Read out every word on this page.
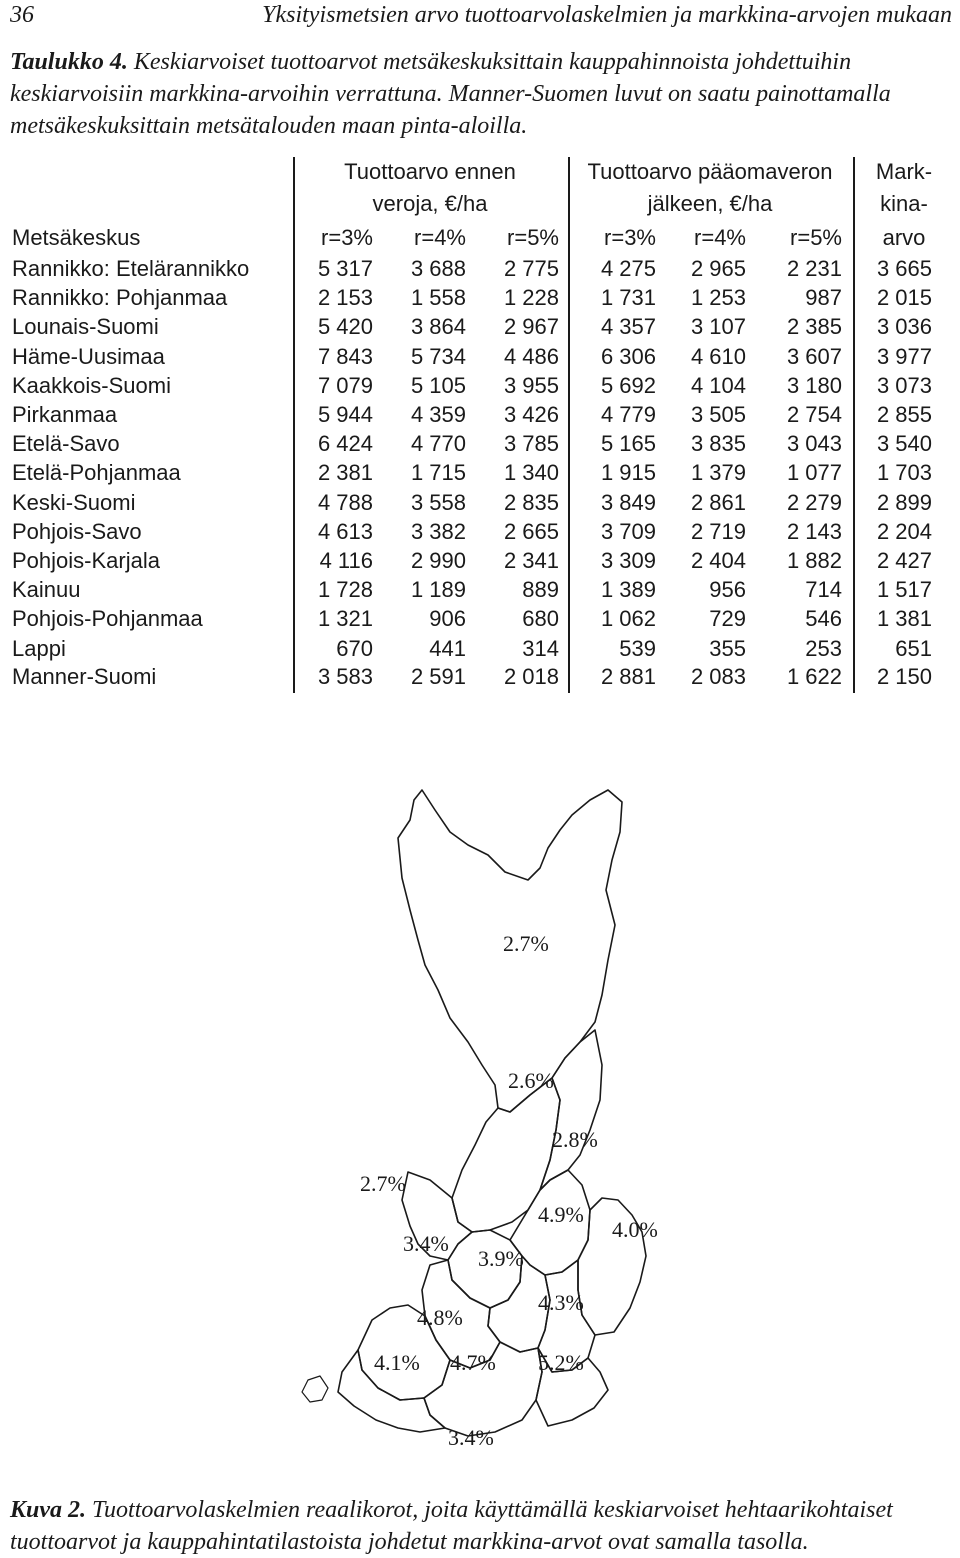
36	Yksityismetsien arvo tuottoarvolaskelmien ja markkina-arvojen mukaan
Taulukko 4. Keskiarvoiset tuottoarvot metsäkeskuksittain kauppahinnoista johdettuihin keskiarvoisiin markkina-arvoihin verrattuna. Manner-Suomen luvut on saatu painottamalla metsäkeskuksittain metsätalouden maan pinta-aloilla.
Tuottoarvo ennen
veroja, €/ha
Tuottoarvo pääomaveron
jälkeen, €/ha
Mark-
kina-
arvo
Metsäkeskus	r=3%	r=4%	r=5%	r=3%	r=4%	r=5%
Rannikko: Etelärannikko	5 317	3 688	2 775	4 275	2 965	2 231	3 665
Rannikko: Pohjanmaa	2 153	1 558	1 228	1 731	1 253	987	2 015
Lounais-Suomi	5 420	3 864	2 967	4 357	3 107	2 385	3 036
Häme-Uusimaa	7 843	5 734	4 486	6 306	4 610	3 607	3 977
Kaakkois-Suomi	7 079	5 105	3 955	5 692	4 104	3 180	3 073
Pirkanmaa	5 944	4 359	3 426	4 779	3 505	2 754	2 855
Etelä-Savo	6 424	4 770	3 785	5 165	3 835	3 043	3 540
Etelä-Pohjanmaa	2 381	1 715	1 340	1 915	1 379	1 077	1 703
Keski-Suomi	4 788	3 558	2 835	3 849	2 861	2 279	2 899
Pohjois-Savo	4 613	3 382	2 665	3 709	2 719	2 143	2 204
Pohjois-Karjala	4 116	2 990	2 341	3 309	2 404	1 882	2 427
Kainuu	1 728	1 189	889	1 389	956	714	1 517
Pohjois-Pohjanmaa	1 321	906	680	1 062	729	546	1 381
Lappi	670	441	314	539	355	253	651
Manner-Suomi	3 583	2 591	2 018	2 881	2 083	1 622	2 150
2.7%
2.6%
2.8%
2.7%
4.9%
4.0%
3.4%
3.9%
4.3%
4.8%
4.1% 4.7% 5.2%
3.4%
Kuva 2. Tuottoarvolaskelmien reaalikorot, joita käyttämällä keskiarvoiset hehtaarikohtaiset tuottoarvot ja kauppahintatilastoista johdetut markkina-arvot ovat samalla tasolla.
